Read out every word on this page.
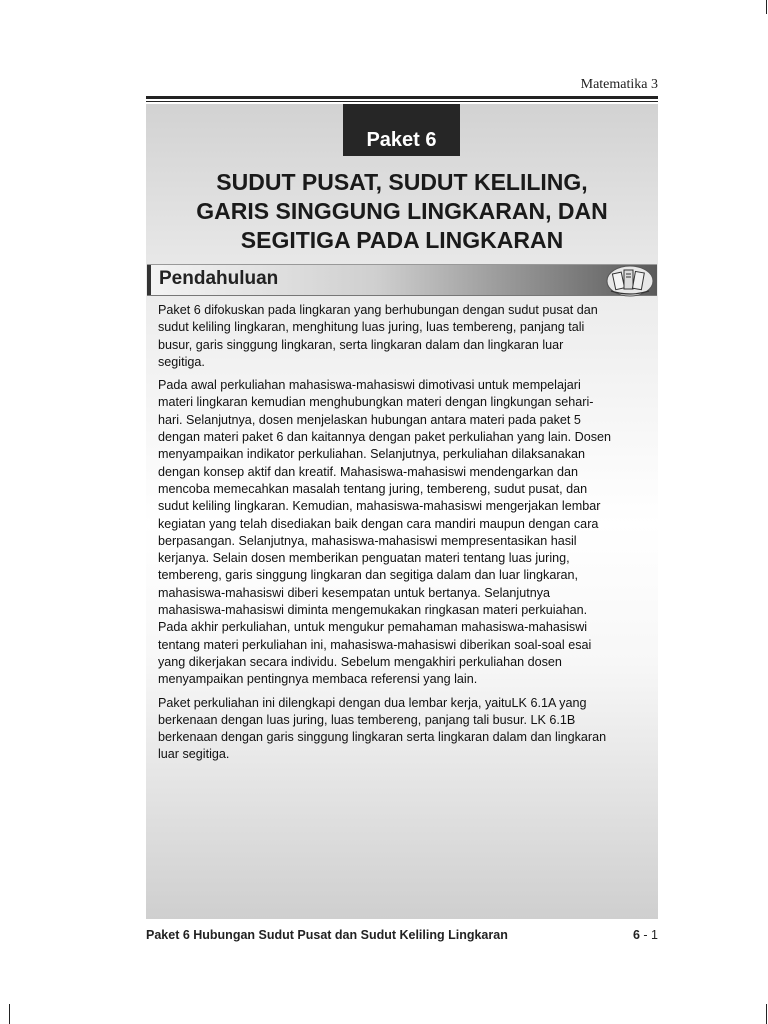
Matematika 3
Paket 6
SUDUT PUSAT, SUDUT KELILING,
GARIS SINGGUNG LINGKARAN, DAN
SEGITIGA PADA LINGKARAN
Pendahuluan

Paket 6 difokuskan pada lingkaran yang berhubungan dengan sudut pusat dan
sudut keliling lingkaran, menghitung luas juring, luas tembereng, panjang tali
busur, garis singgung lingkaran, serta lingkaran dalam dan lingkaran luar
segitiga.

Pada awal perkuliahan mahasiswa-mahasiswi dimotivasi untuk mempelajari
materi lingkaran kemudian menghubungkan materi dengan lingkungan sehari-
hari. Selanjutnya, dosen menjelaskan hubungan antara materi pada paket 5
dengan materi paket 6 dan kaitannya dengan paket perkuliahan yang lain. Dosen
menyampaikan indikator perkuliahan. Selanjutnya, perkuliahan dilaksanakan
dengan konsep aktif dan kreatif. Mahasiswa-mahasiswi mendengarkan dan
mencoba memecahkan masalah tentang juring, tembereng, sudut pusat, dan
sudut keliling lingkaran. Kemudian, mahasiswa-mahasiswi mengerjakan lembar
kegiatan yang telah disediakan baik dengan cara mandiri maupun dengan cara
berpasangan. Selanjutnya, mahasiswa-mahasiswi mempresentasikan hasil
kerjanya. Selain dosen memberikan penguatan materi tentang luas juring,
tembereng, garis singgung lingkaran dan segitiga dalam dan luar lingkaran,
mahasiswa-mahasiswi diberi kesempatan untuk bertanya. Selanjutnya
mahasiswa-mahasiswi diminta mengemukakan ringkasan materi perkuiahan.
Pada akhir perkuliahan, untuk mengukur pemahaman mahasiswa-mahasiswi
tentang materi perkuliahan ini, mahasiswa-mahasiswi diberikan soal-soal esai
yang dikerjakan secara individu. Sebelum mengakhiri perkuliahan dosen
menyampaikan pentingnya membaca referensi yang lain.

Paket perkuliahan ini dilengkapi dengan dua lembar kerja, yaituLK 6.1A yang
berkenaan dengan luas juring, luas tembereng, panjang tali busur. LK 6.1B
berkenaan dengan garis singgung lingkaran serta lingkaran dalam dan lingkaran
luar segitiga.

Paket 6 Hubungan Sudut Pusat dan Sudut Keliling Lingkaran	6 - 1
